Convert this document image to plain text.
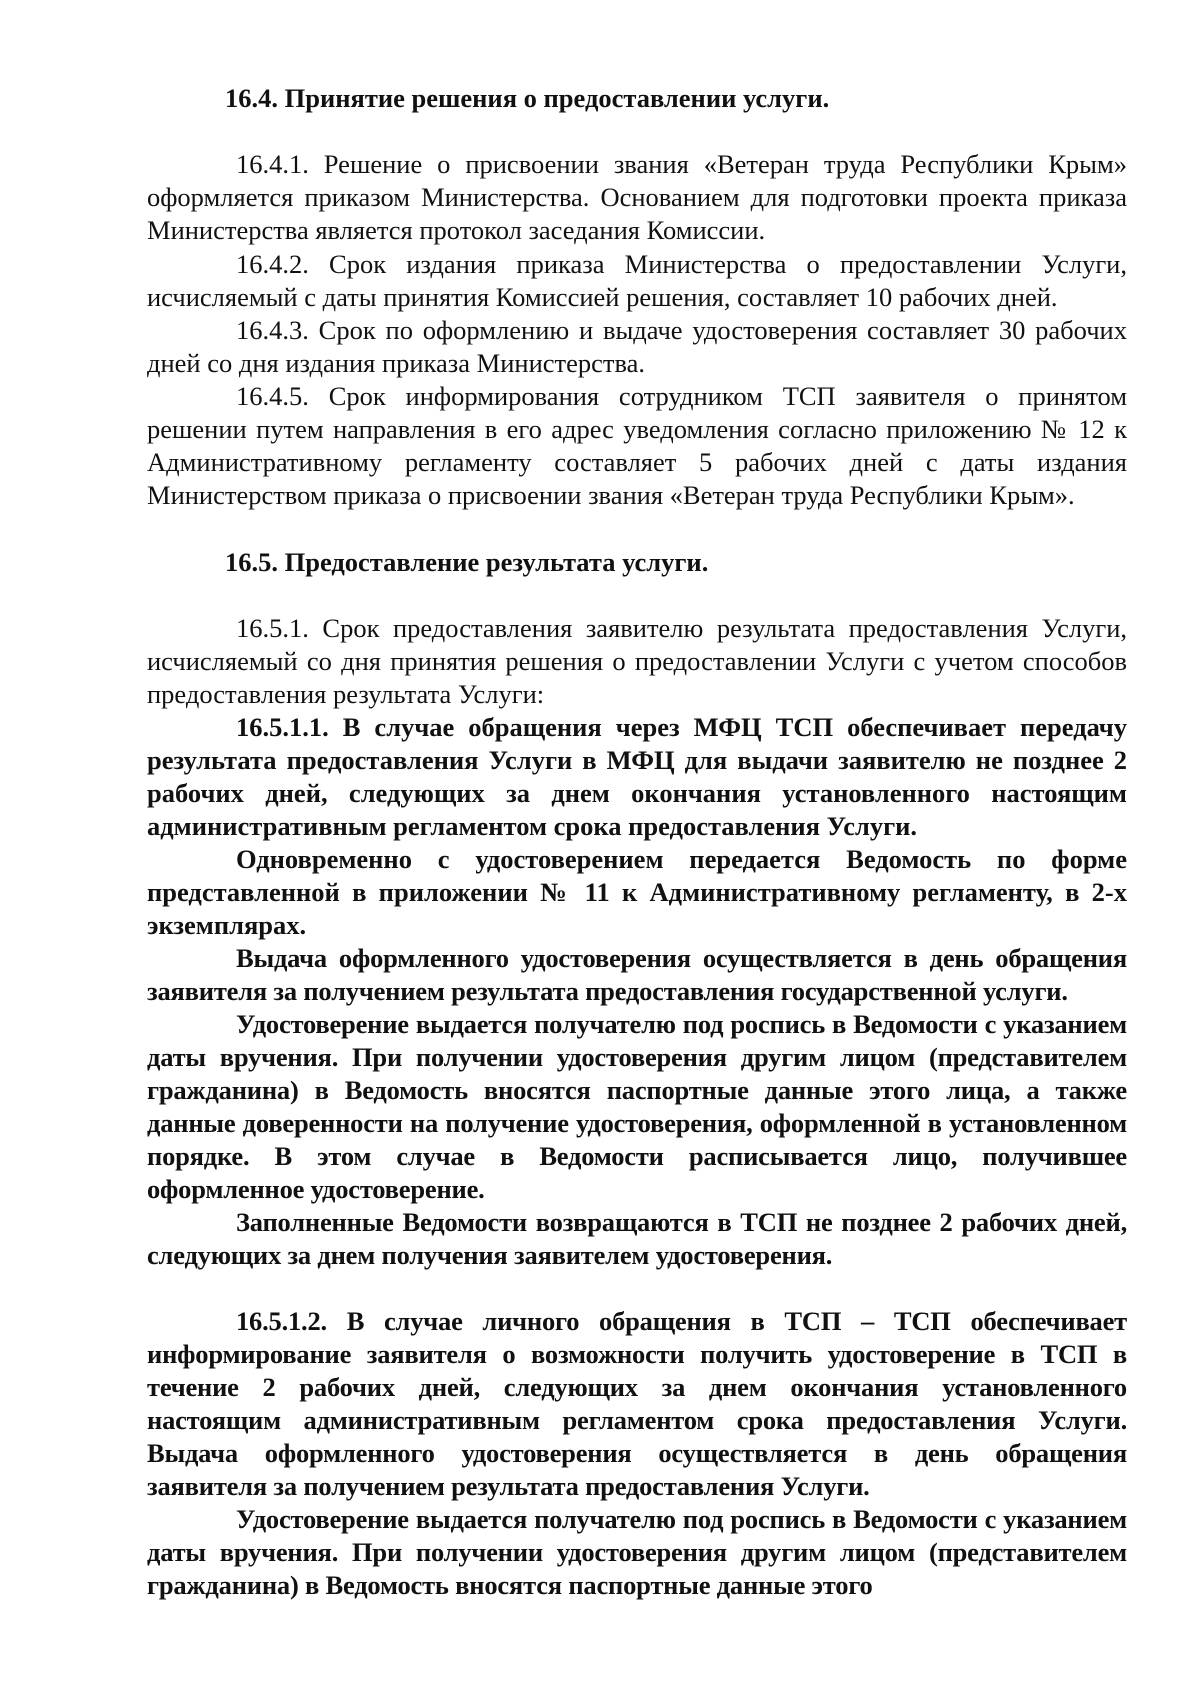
16.4. Принятие решения о предоставлении услуги.

16.4.1. Решение о присвоении звания «Ветеран труда Республики Крым» оформляется приказом Министерства. Основанием для подготовки проекта приказа Министерства является протокол заседания Комиссии.

16.4.2. Срок издания приказа Министерства о предоставлении Услуги, исчисляемый с даты принятия Комиссией решения, составляет 10 рабочих дней.

16.4.3. Срок по оформлению и выдаче удостоверения составляет 30 рабочих дней со дня издания приказа Министерства.

16.4.5. Срок информирования сотрудником ТСП заявителя о принятом решении путем направления в его адрес уведомления согласно приложению № 12 к Административному регламенту составляет 5 рабочих дней с даты издания Министерством приказа о присвоении звания «Ветеран труда Республики Крым».

16.5. Предоставление результата услуги.

16.5.1. Срок предоставления заявителю результата предоставления Услуги, исчисляемый со дня принятия решения о предоставлении Услуги с учетом способов предоставления результата Услуги:

16.5.1.1. В случае обращения через МФЦ ТСП обеспечивает передачу результата предоставления Услуги в МФЦ для выдачи заявителю не позднее 2 рабочих дней, следующих за днем окончания установленного настоящим административным регламентом срока предоставления Услуги.

Одновременно с удостоверением передается Ведомость по форме представленной в приложении № 11 к Административному регламенту, в 2-х экземплярах.

Выдача оформленного удостоверения осуществляется в день обращения заявителя за получением результата предоставления государственной услуги.

Удостоверение выдается получателю под роспись в Ведомости с указанием даты вручения. При получении удостоверения другим лицом (представителем гражданина) в Ведомость вносятся паспортные данные этого лица, а также данные доверенности на получение удостоверения, оформленной в установленном порядке. В этом случае в Ведомости расписывается лицо, получившее оформленное удостоверение.

Заполненные Ведомости возвращаются в ТСП не позднее 2 рабочих дней, следующих за днем получения заявителем удостоверения.

16.5.1.2. В случае личного обращения в ТСП – ТСП обеспечивает информирование заявителя о возможности получить удостоверение в ТСП в течение 2 рабочих дней, следующих за днем окончания установленного настоящим административным регламентом срока предоставления Услуги. Выдача оформленного удостоверения осуществляется в день обращения заявителя за получением результата предоставления Услуги.

Удостоверение выдается получателю под роспись в Ведомости с указанием даты вручения. При получении удостоверения другим лицом (представителем гражданина) в Ведомость вносятся паспортные данные этого
